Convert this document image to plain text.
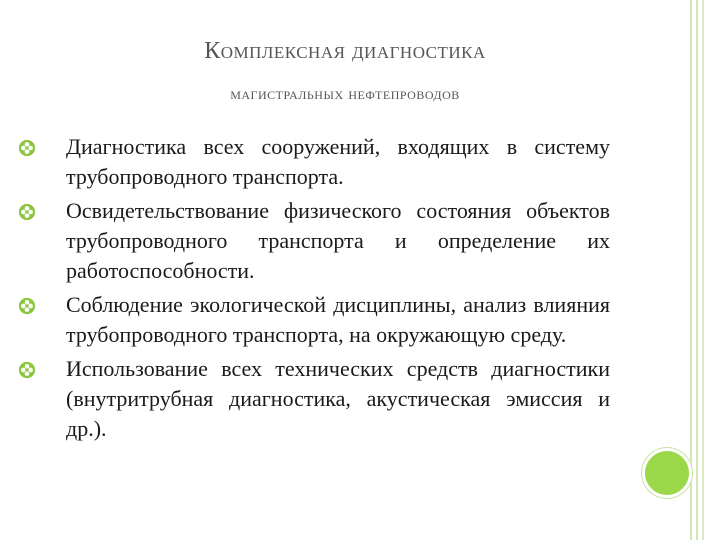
Комплексная диагностика
магистральных нефтепроводов
Диагностика всех сооружений, входящих в систему трубопроводного транспорта.
Освидетельствование физического состояния объектов трубопроводного транспорта и определение их работоспособности.
Соблюдение экологической дисциплины, анализ влияния трубопроводного транспорта, на окружающую среду.
Использование всех технических средств диагностики (внутритрубная диагностика, акустическая эмиссия и др.).
